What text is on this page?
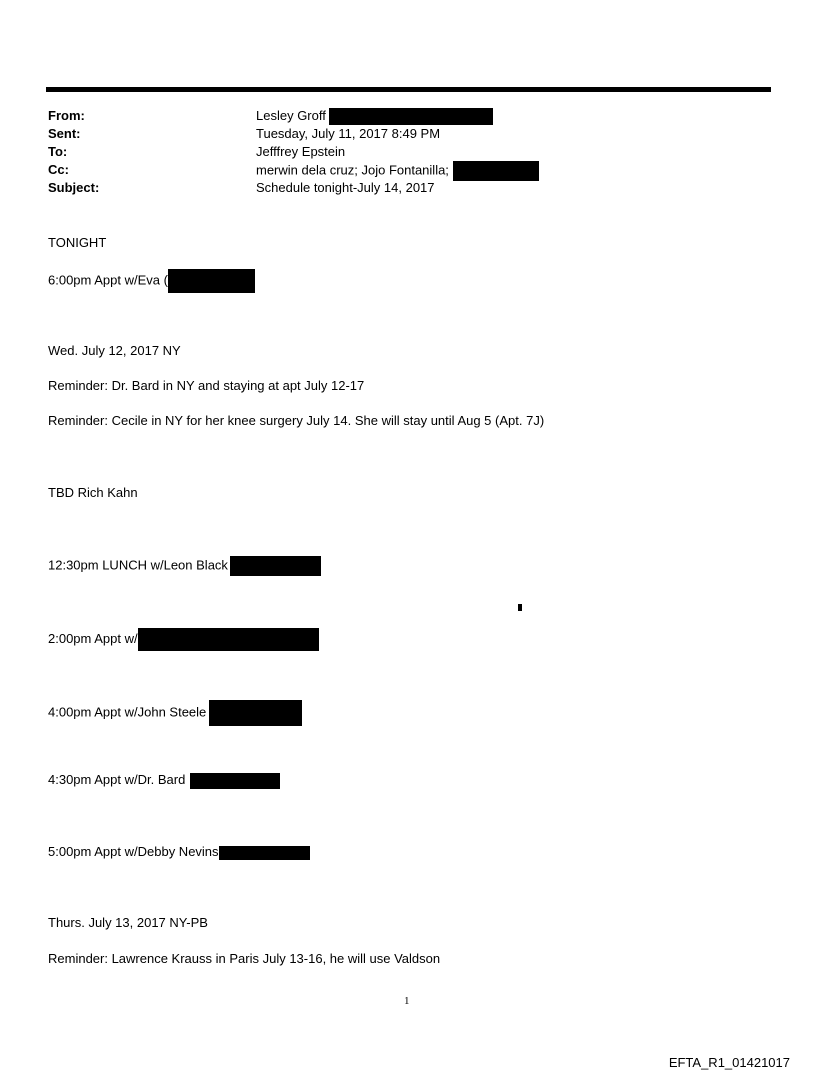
From:	Lesley Groff
Sent:	Tuesday, July 11, 2017 8:49 PM
To:	Jefffrey Epstein
Cc:	merwin dela cruz; Jojo Fontanilla;
Subject:	Schedule tonight-July 14, 2017
TONIGHT
6:00pm Appt w/Eva (
Wed. July 12, 2017 NY
Reminder: Dr. Bard in NY and staying at apt July 12-17
Reminder: Cecile in NY for her knee surgery July 14. She will stay until Aug 5 (Apt. 7J)
TBD Rich Kahn
12:30pm LUNCH w/Leon Black
2:00pm Appt w/
4:00pm Appt w/John Steele
4:30pm Appt w/Dr. Bard
5:00pm Appt w/Debby Nevins
Thurs. July 13, 2017 NY-PB
Reminder: Lawrence Krauss in Paris July 13-16, he will use Valdson
1
EFTA_R1_01421017
